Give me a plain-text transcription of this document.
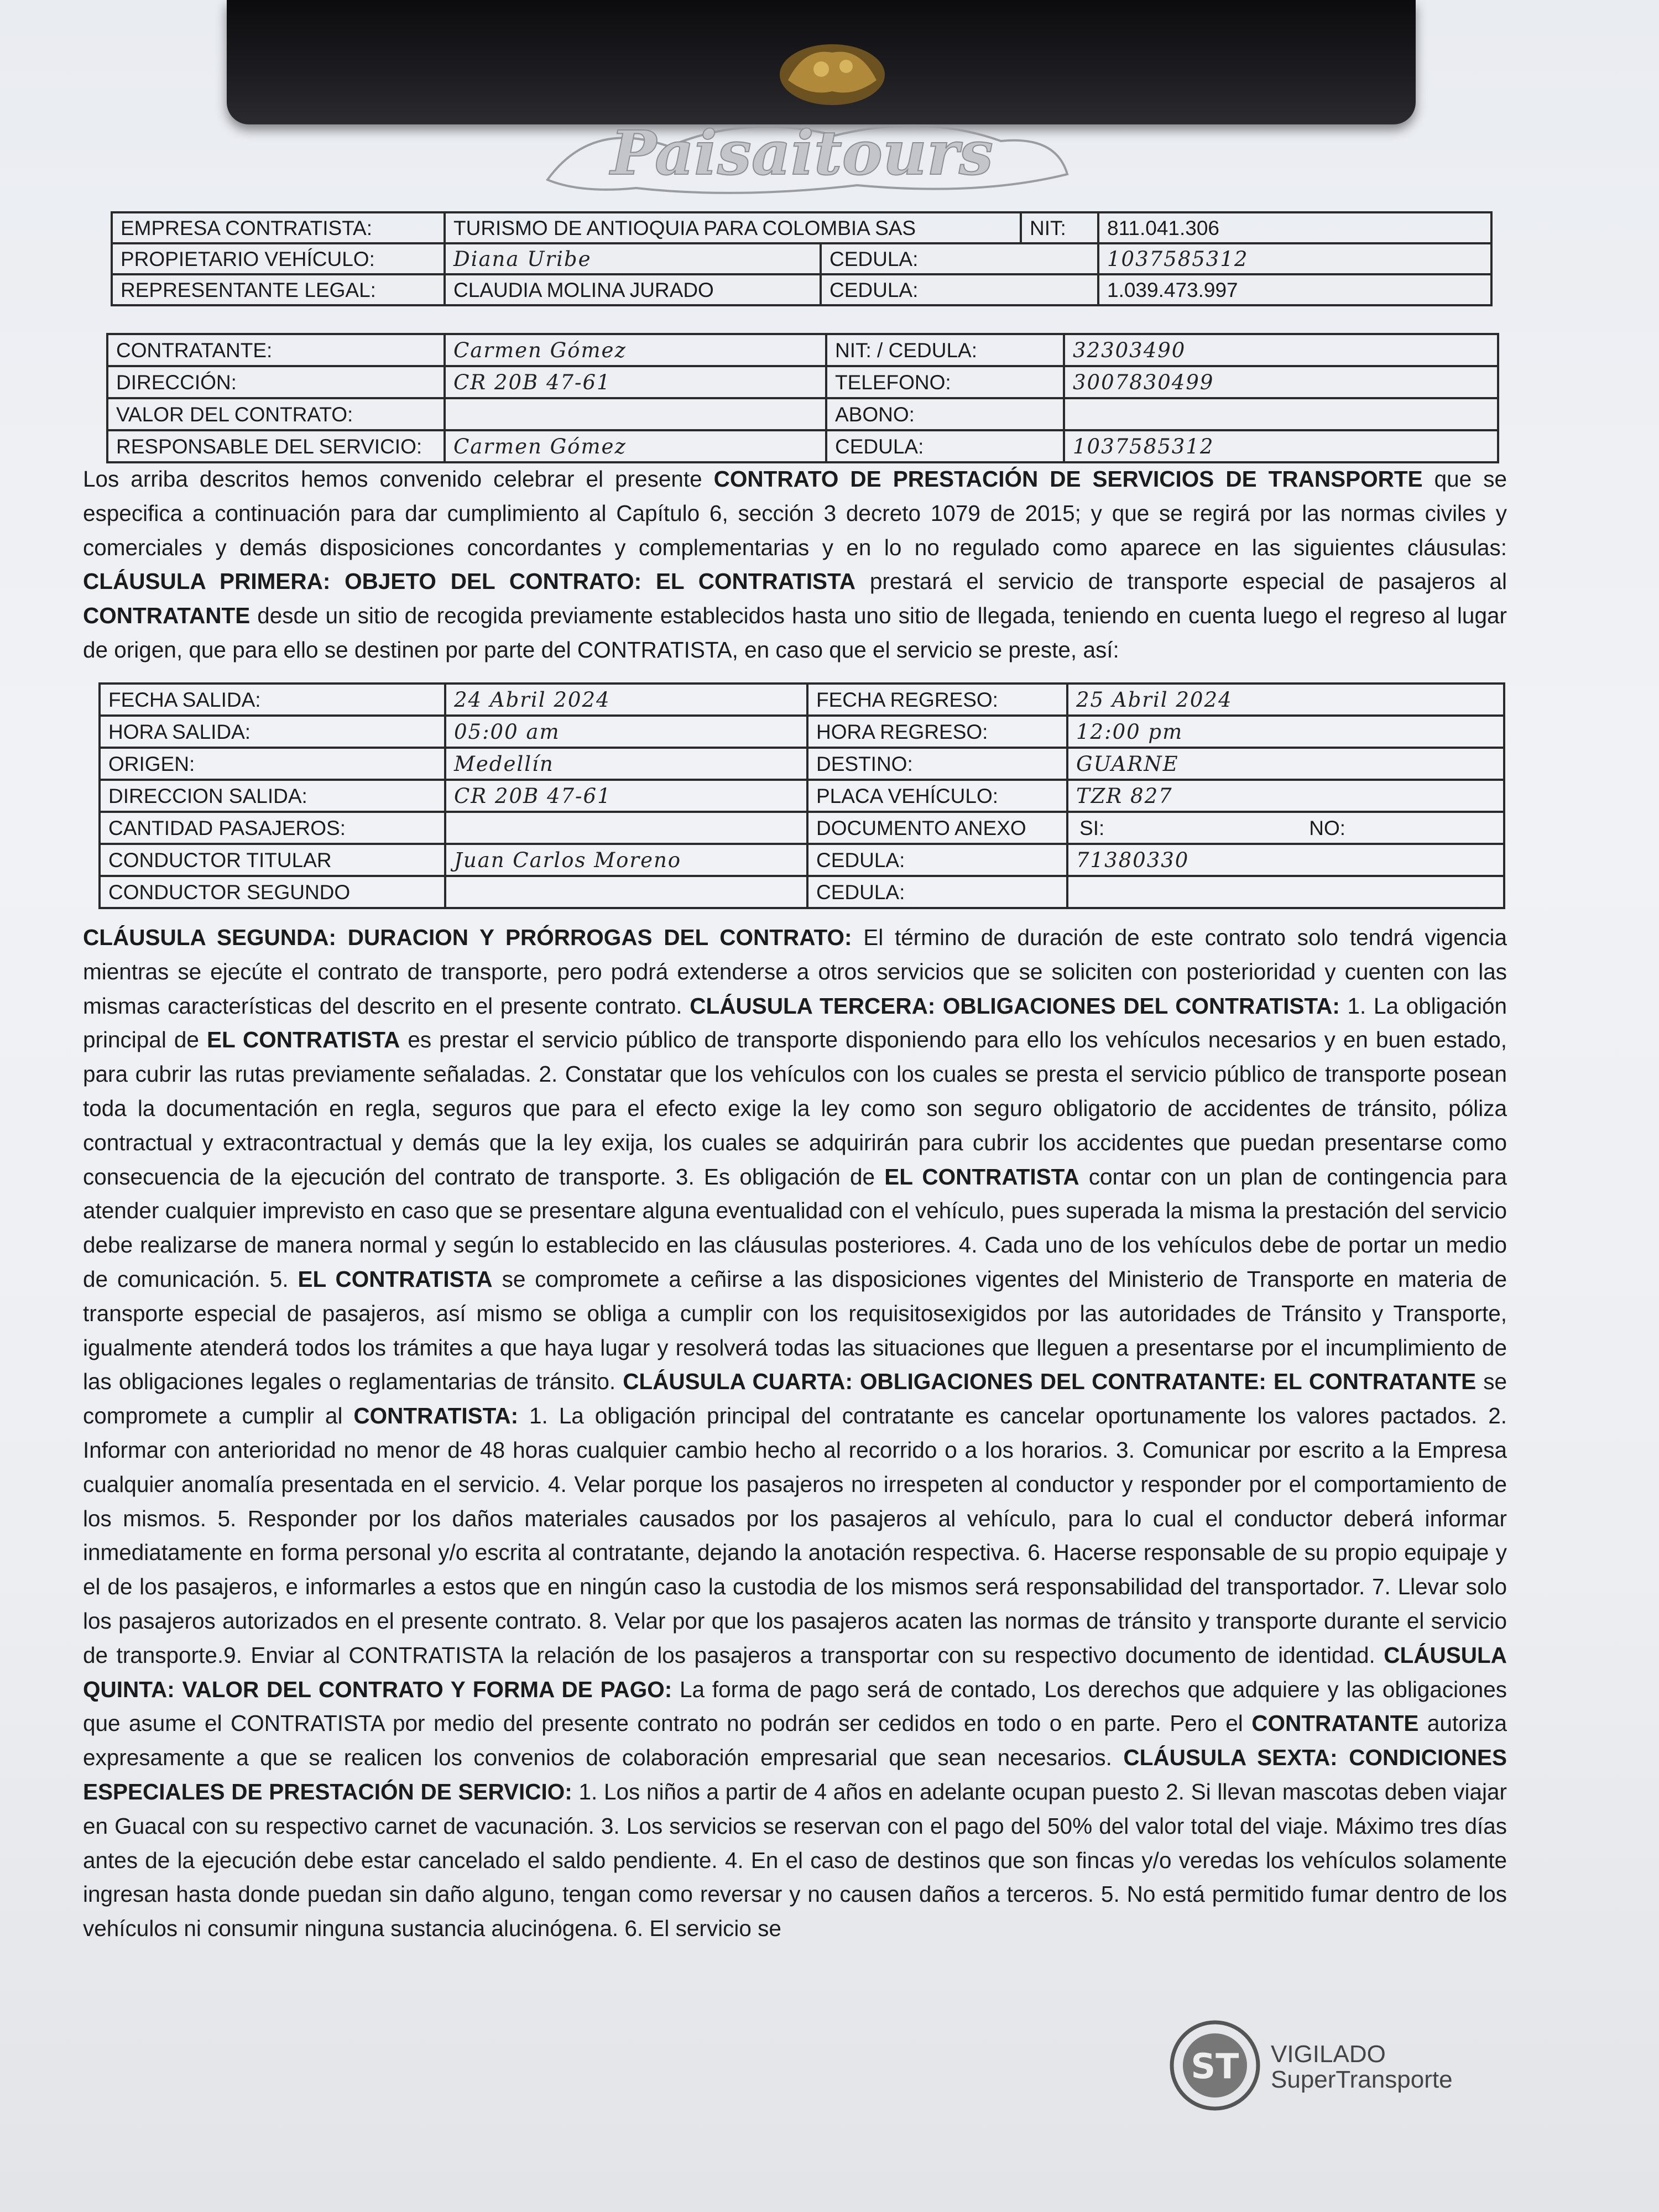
Paisaitours
EMPRESA CONTRATISTA:	TURISMO DE ANTIOQUIA PARA COLOMBIA SAS		NIT:	811.041.306
PROPIETARIO VEHÍCULO:	Diana Uribe	CEDULA:		1037585312
REPRESENTANTE LEGAL:	CLAUDIA MOLINA JURADO	CEDULA:		1.039.473.997
CONTRATANTE:	Carmen Gómez	NIT: / CEDULA:	32303490
DIRECCIÓN:	CR 20B 47-61	TELEFONO:	3007830499
VALOR DEL CONTRATO:		ABONO:	
RESPONSABLE DEL SERVICIO:	Carmen Gómez	CEDULA:	1037585312

Los arriba descritos hemos convenido celebrar el presente CONTRATO DE PRESTACIÓN DE SERVICIOS DE TRANSPORTE que se especifica a continuación para dar cumplimiento al Capítulo 6, sección 3 decreto 1079 de 2015; y que se regirá por las normas civiles y comerciales y demás disposiciones concordantes y complementarias y en lo no regulado como aparece en las siguientes cláusulas: CLÁUSULA PRIMERA: OBJETO DEL CONTRATO: EL CONTRATISTA prestará el servicio de transporte especial de pasajeros al CONTRATANTE desde un sitio de recogida previamente establecidos hasta uno sitio de llegada, teniendo en cuenta luego el regreso al lugar de origen, que para ello se destinen por parte del CONTRATISTA, en caso que el servicio se preste, así:

FECHA SALIDA:	24 Abril 2024	FECHA REGRESO:	25 Abril 2024
HORA SALIDA:	05:00 am	HORA REGRESO:	12:00 pm
ORIGEN:	Medellín	DESTINO:	GUARNE
DIRECCION SALIDA:	CR 20B 47-61	PLACA VEHÍCULO:	TZR 827
CANTIDAD PASAJEROS:		DOCUMENTO ANEXO	SI: NO:
CONDUCTOR TITULAR	Juan Carlos Moreno	CEDULA:	71380330
CONDUCTOR SEGUNDO		CEDULA:	

CLÁUSULA SEGUNDA: DURACION Y PRÓRROGAS DEL CONTRATO: El término de duración de este contrato solo tendrá vigencia mientras se ejecúte el contrato de transporte, pero podrá extenderse a otros servicios que se soliciten con posterioridad y cuenten con las mismas características del descrito en el presente contrato. CLÁUSULA TERCERA: OBLIGACIONES DEL CONTRATISTA: 1. La obligación principal de EL CONTRATISTA es prestar el servicio público de transporte disponiendo para ello los vehículos necesarios y en buen estado, para cubrir las rutas previamente señaladas. 2. Constatar que los vehículos con los cuales se presta el servicio público de transporte posean toda la documentación en regla, seguros que para el efecto exige la ley como son seguro obligatorio de accidentes de tránsito, póliza contractual y extracontractual y demás que la ley exija, los cuales se adquirirán para cubrir los accidentes que puedan presentarse como consecuencia de la ejecución del contrato de transporte. 3. Es obligación de EL CONTRATISTA contar con un plan de contingencia para atender cualquier imprevisto en caso que se presentare alguna eventualidad con el vehículo, pues superada la misma la prestación del servicio debe realizarse de manera normal y según lo establecido en las cláusulas posteriores. 4. Cada uno de los vehículos debe de portar un medio de comunicación. 5. EL CONTRATISTA se compromete a ceñirse a las disposiciones vigentes del Ministerio de Transporte en materia de transporte especial de pasajeros, así mismo se obliga a cumplir con los requisitosexigidos por las autoridades de Tránsito y Transporte, igualmente atenderá todos los trámites a que haya lugar y resolverá todas las situaciones que lleguen a presentarse por el incumplimiento de las obligaciones legales o reglamentarias de tránsito. CLÁUSULA CUARTA: OBLIGACIONES DEL CONTRATANTE: EL CONTRATANTE se compromete a cumplir al CONTRATISTA: 1. La obligación principal del contratante es cancelar oportunamente los valores pactados. 2. Informar con anterioridad no menor de 48 horas cualquier cambio hecho al recorrido o a los horarios. 3. Comunicar por escrito a la Empresa cualquier anomalía presentada en el servicio. 4. Velar porque los pasajeros no irrespeten al conductor y responder por el comportamiento de los mismos. 5. Responder por los daños materiales causados por los pasajeros al vehículo, para lo cual el conductor deberá informar inmediatamente en forma personal y/o escrita al contratante, dejando la anotación respectiva. 6. Hacerse responsable de su propio equipaje y el de los pasajeros, e informarles a estos que en ningún caso la custodia de los mismos será responsabilidad del transportador. 7. Llevar solo los pasajeros autorizados en el presente contrato. 8. Velar por que los pasajeros acaten las normas de tránsito y transporte durante el servicio de transporte.9. Enviar al CONTRATISTA la relación de los pasajeros a transportar con su respectivo documento de identidad. CLÁUSULA QUINTA: VALOR DEL CONTRATO Y FORMA DE PAGO: La forma de pago será de contado, Los derechos que adquiere y las obligaciones que asume el CONTRATISTA por medio del presente contrato no podrán ser cedidos en todo o en parte. Pero el CONTRATANTE autoriza expresamente a que se realicen los convenios de colaboración empresarial que sean necesarios. CLÁUSULA SEXTA: CONDICIONES ESPECIALES DE PRESTACIÓN DE SERVICIO: 1. Los niños a partir de 4 años en adelante ocupan puesto 2. Si llevan mascotas deben viajar en Guacal con su respectivo carnet de vacunación. 3. Los servicios se reservan con el pago del 50% del valor total del viaje. Máximo tres días antes de la ejecución debe estar cancelado el saldo pendiente. 4. En el caso de destinos que son fincas y/o veredas los vehículos solamente ingresan hasta donde puedan sin daño alguno, tengan como reversar y no causen daños a terceros. 5. No está permitido fumar dentro de los vehículos ni consumir ninguna sustancia alucinógena. 6. El servicio se

ST VIGILADO
SuperTransporte
